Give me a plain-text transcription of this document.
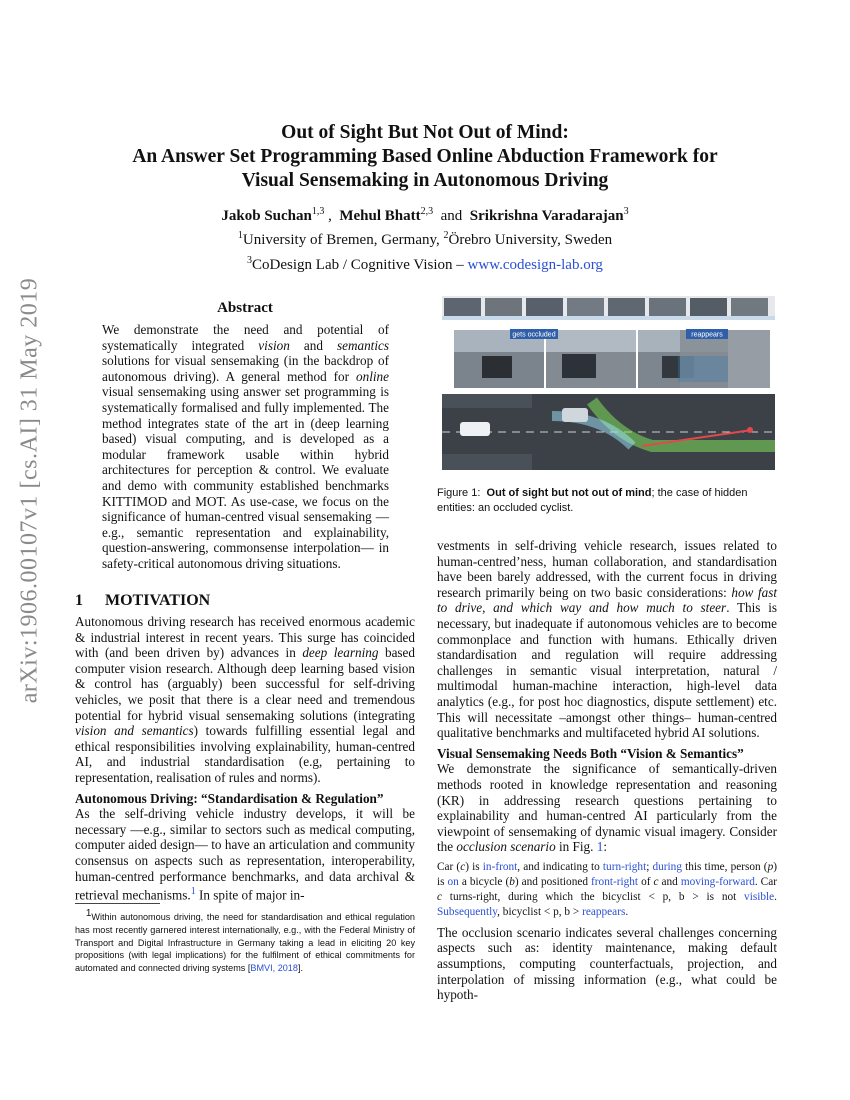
arXiv:1906.00107v1 [cs.AI] 31 May 2019
Out of Sight But Not Out of Mind:
An Answer Set Programming Based Online Abduction Framework for
Visual Sensemaking in Autonomous Driving
Jakob Suchan$^{1,3}$ ,  Mehul Bhatt$^{2,3}$ and Srikrishna Varadarajan$^3$
$^1$University of Bremen, Germany, $^2$Örebro University, Sweden
$^3$CoDesign Lab / Cognitive Vision – www.codesign-lab.org
Abstract

We demonstrate the need and potential of systematically integrated vision and semantics solutions for visual sensemaking (in the backdrop of autonomous driving). A general method for online visual sensemaking using answer set programming is systematically formalised and fully implemented. The method integrates state of the art in (deep learning based) visual computing, and is developed as a modular framework usable within hybrid architectures for perception & control. We evaluate and demo with community established benchmarks KITTIMOD and MOT. As use-case, we focus on the significance of human-centred visual sensemaking —e.g., semantic representation and explainability, question-answering, commonsense interpolation— in safety-critical autonomous driving situations.

1 MOTIVATION

Autonomous driving research has received enormous academic & industrial interest in recent years. This surge has coincided with (and been driven by) advances in deep learning based computer vision research. Although deep learning based vision & control has (arguably) been successful for self-driving vehicles, we posit that there is a clear need and tremendous potential for hybrid visual sensemaking solutions (integrating vision and semantics) towards fulfilling essential legal and ethical responsibilities involving explainability, human-centred AI, and industrial standardisation (e.g, pertaining to representation, realisation of rules and norms).

Autonomous Driving: “Standardisation & Regulation”

As the self-driving vehicle industry develops, it will be necessary —e.g., similar to sectors such as medical computing, computer aided design— to have an articulation and community consensus on aspects such as representation, interoperability, human-centred performance benchmarks, and data archival & retrieval mechanisms.$^1$ In spite of major in-

$^1$Within autonomous driving, the need for standardisation and ethical regulation has most recently garnered interest internationally, e.g., with the Federal Ministry of Transport and Digital Infrastructure in Germany taking a lead in eliciting 20 key propositions (with legal implications) for the fulfilment of ethical commitments for automated and connected driving systems [BMVI, 2018].
gets occluded	reappears
Figure 1: Out of sight but not out of mind; the case of hidden entities: an occluded cyclist.

vestments in self-driving vehicle research, issues related to human-centred’ness, human collaboration, and standardisation have been barely addressed, with the current focus in driving research primarily being on two basic considerations: how fast to drive, and which way and how much to steer. This is necessary, but inadequate if autonomous vehicles are to become commonplace and function with humans. Ethically driven standardisation and regulation will require addressing challenges in semantic visual interpretation, natural / multimodal human-machine interaction, high-level data analytics (e.g., for post hoc diagnostics, dispute settlement) etc. This will necessitate –amongst other things– human-centred qualitative benchmarks and multifaceted hybrid AI solutions.

Visual Sensemaking Needs Both “Vision & Semantics”

We demonstrate the significance of semantically-driven methods rooted in knowledge representation and reasoning (KR) in addressing research questions pertaining to explainability and human-centred AI particularly from the viewpoint of sensemaking of dynamic visual imagery. Consider the occlusion scenario in Fig. 1:

Car (c) is in-front, and indicating to turn-right; during this time, person (p) is on a bicycle (b) and positioned front-right of c and moving-forward. Car c turns-right, during which the bicyclist < p, b > is not visible. Subsequently, bicyclist < p, b > reappears.

The occlusion scenario indicates several challenges concerning aspects such as: identity maintenance, making default assumptions, computing counterfactuals, projection, and interpolation of missing information (e.g., what could be hypoth-
